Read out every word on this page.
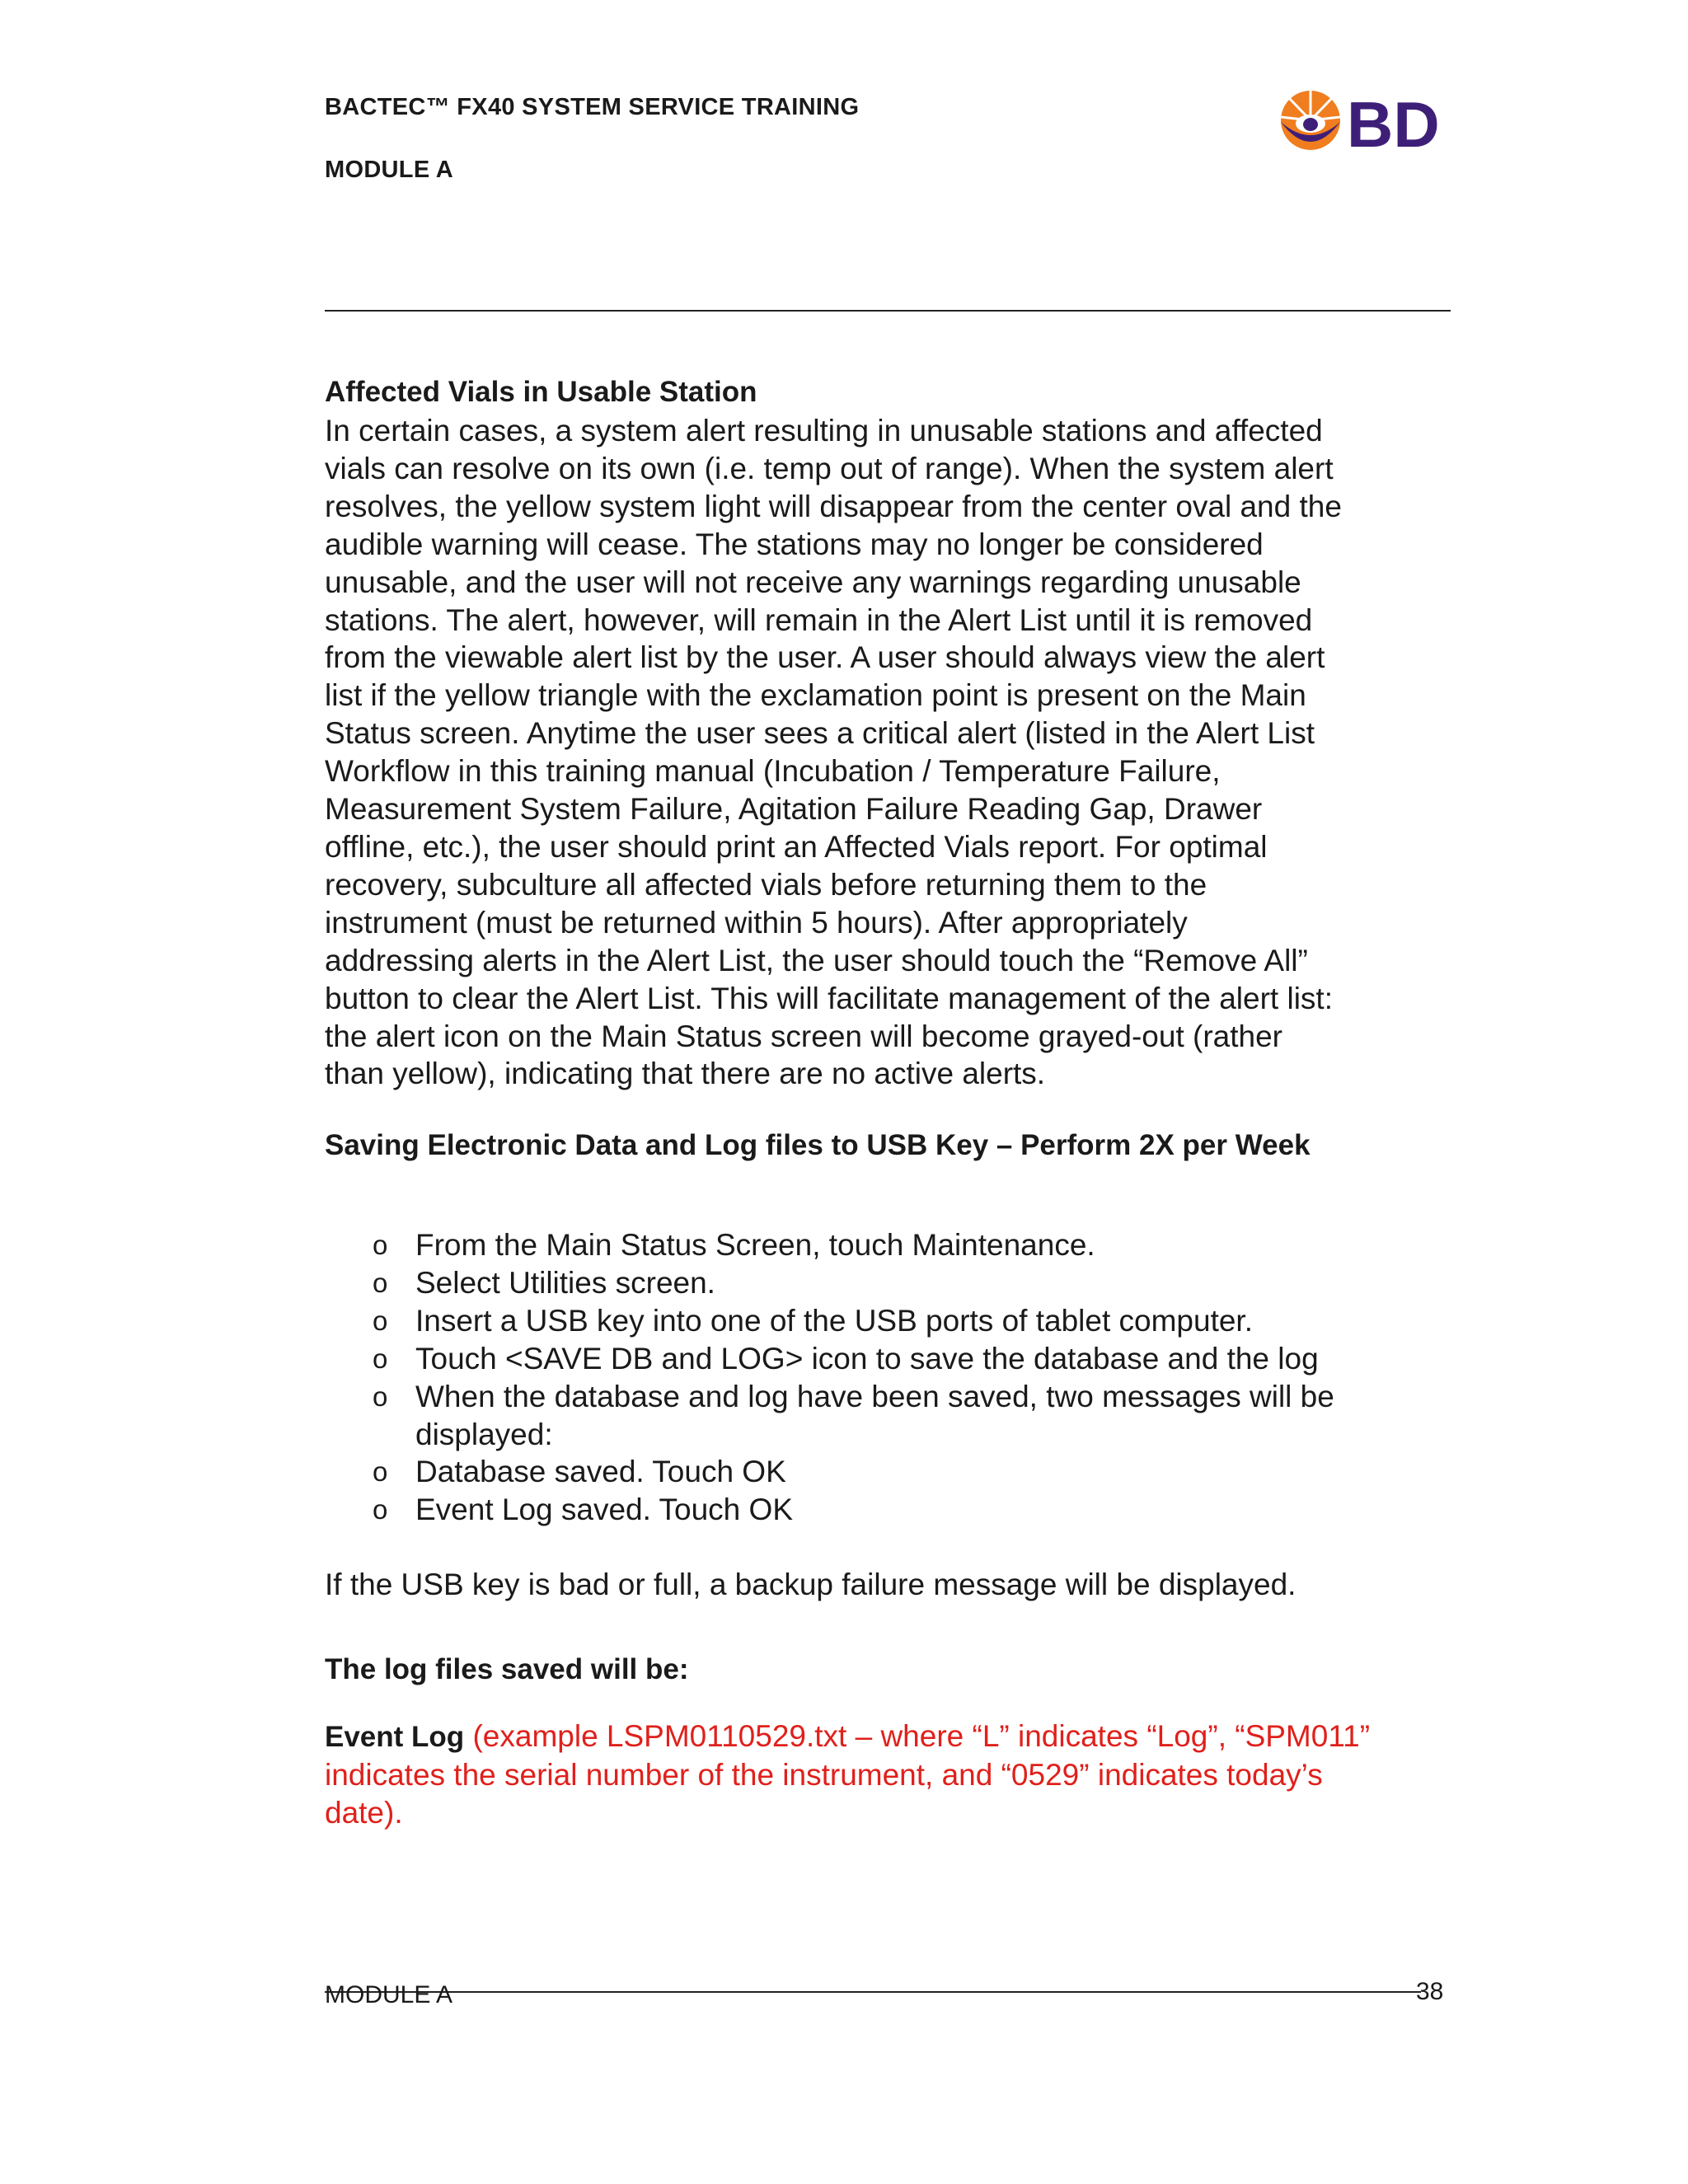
BACTEC™ FX40 SYSTEM SERVICE TRAINING
MODULE A
BD
Affected Vials in Usable Station
In certain cases, a system alert resulting in unusable stations and affected
vials can resolve on its own (i.e. temp out of range). When the system alert
resolves, the yellow system light will disappear from the center oval and the
audible warning will cease. The stations may no longer be considered
unusable, and the user will not receive any warnings regarding unusable
stations. The alert, however, will remain in the Alert List until it is removed
from the viewable alert list by the user. A user should always view the alert
list if the yellow triangle with the exclamation point is present on the Main
Status screen. Anytime the user sees a critical alert (listed in the Alert List
Workflow in this training manual (Incubation / Temperature Failure,
Measurement System Failure, Agitation Failure Reading Gap, Drawer
offline, etc.), the user should print an Affected Vials report. For optimal
recovery, subculture all affected vials before returning them to the
instrument (must be returned within 5 hours). After appropriately
addressing alerts in the Alert List, the user should touch the “Remove All”
button to clear the Alert List. This will facilitate management of the alert list:
the alert icon on the Main Status screen will become grayed-out (rather
than yellow), indicating that there are no active alerts.
Saving Electronic Data and Log files to USB Key – Perform 2X per Week
o From the Main Status Screen, touch Maintenance.
o Select Utilities screen.
o Insert a USB key into one of the USB ports of tablet computer.
o Touch <SAVE DB and LOG> icon to save the database and the log
o When the database and log have been saved, two messages will be
displayed:
o Database saved. Touch OK
o Event Log saved. Touch OK
If the USB key is bad or full, a backup failure message will be displayed.
The log files saved will be:
Event Log (example LSPM0110529.txt – where “L” indicates “Log”, “SPM011”
indicates the serial number of the instrument, and “0529” indicates today’s
date).
MODULE A	38
